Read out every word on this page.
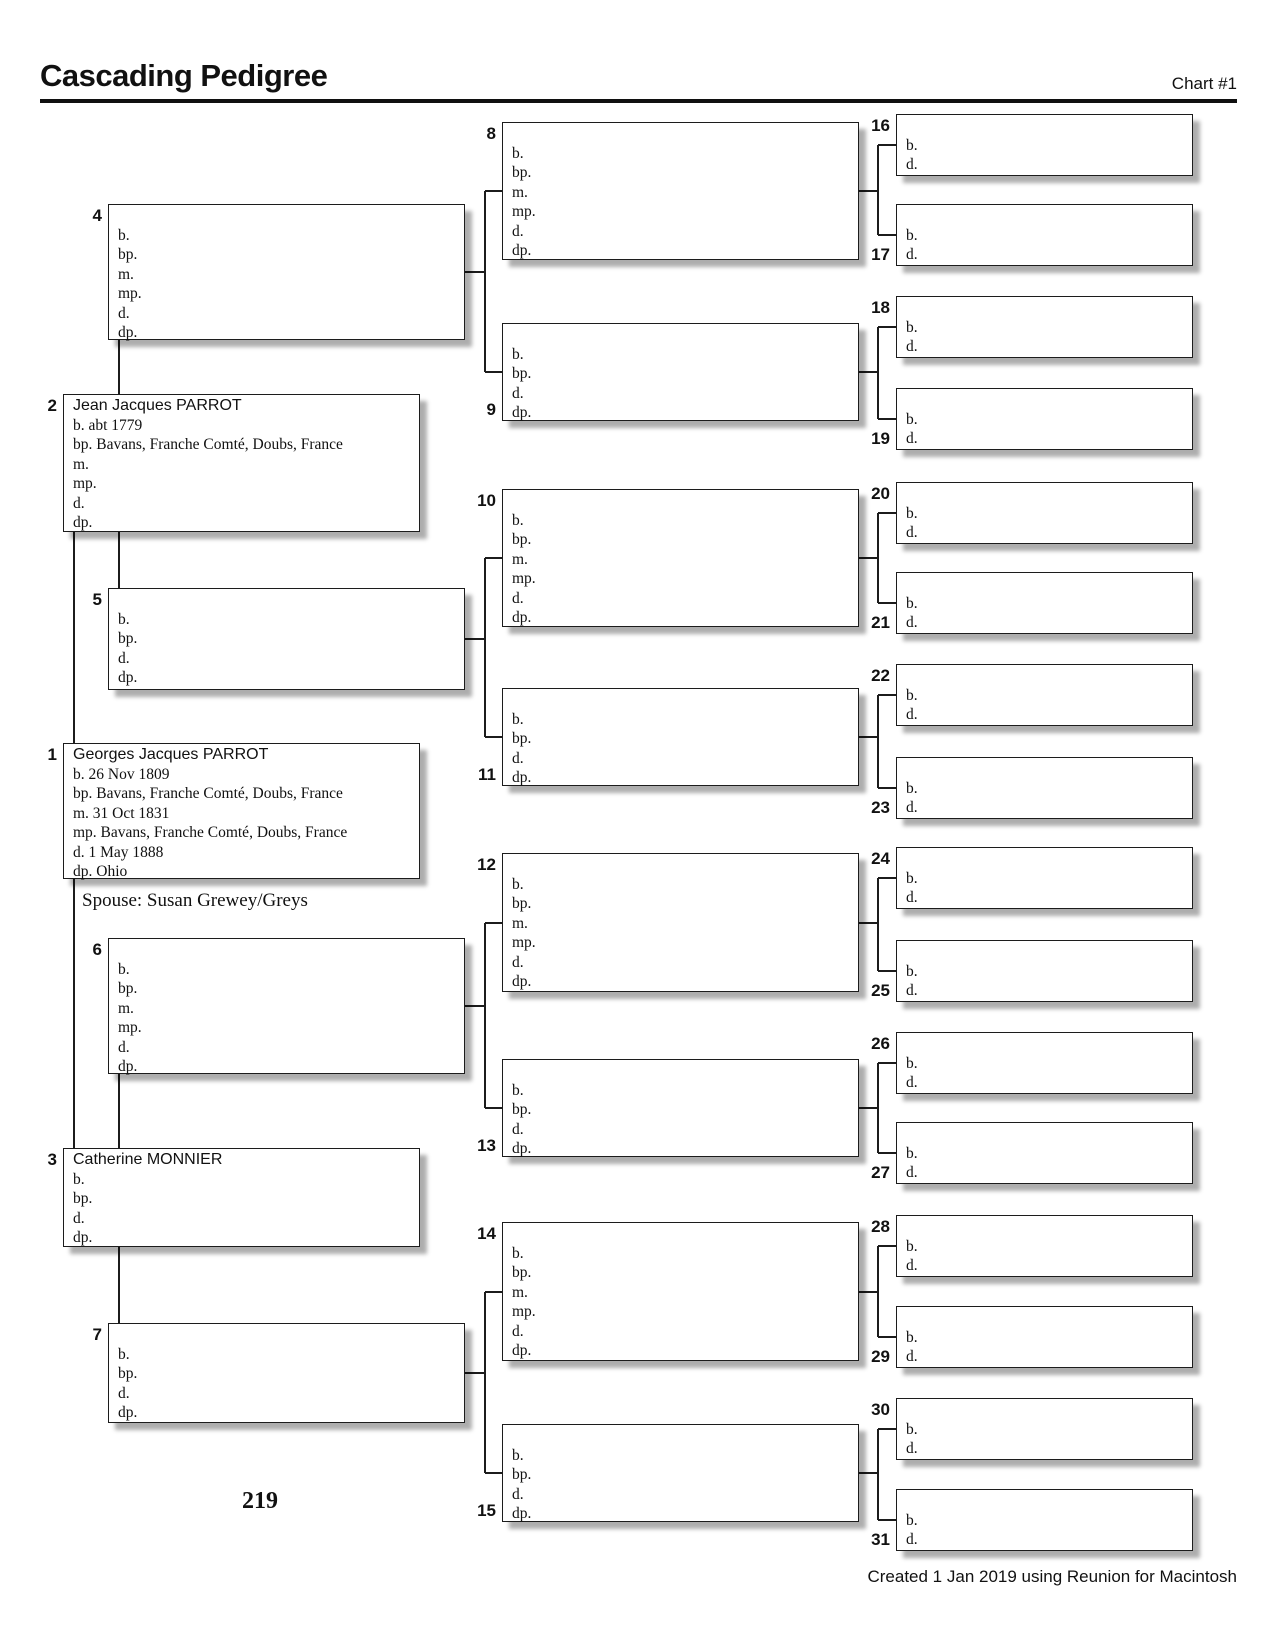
Cascading Pedigree	Chart #1
Georges Jacques PARROT
b. 26 Nov 1809
bp. Bavans, Franche Comté, Doubs, France
m. 31 Oct 1831
mp. Bavans, Franche Comté, Doubs, France
d. 1 May 1888
dp. Ohio
1
Jean Jacques PARROT
b. abt 1779
bp. Bavans, Franche Comté, Doubs, France
m.
mp.
d.
dp.
2
Catherine MONNIER
b.
bp.
d.
dp.
3
b.
bp.
m.
mp.
d.
dp.
4
b.
bp.
d.
dp.
5
b.
bp.
m.
mp.
d.
dp.
6
b.
bp.
d.
dp.
7
b.
bp.
m.
mp.
d.
dp.
8
b.
bp.
d.
dp.
9
b.
bp.
m.
mp.
d.
dp.
10
b.
bp.
d.
dp.
11
b.
bp.
m.
mp.
d.
dp.
12
b.
bp.
d.
dp.
13
b.
bp.
m.
mp.
d.
dp.
14
b.
bp.
d.
dp.
15
b.
d.
16
b.
d.
17
b.
d.
18
b.
d.
19
b.
d.
20
b.
d.
21
b.
d.
22
b.
d.
23
b.
d.
24
b.
d.
25
b.
d.
26
b.
d.
27
b.
d.
28
b.
d.
29
b.
d.
30
b.
d.
31
Spouse: Susan Grewey/Greys
219
Created 1 Jan 2019 using Reunion for Macintosh
